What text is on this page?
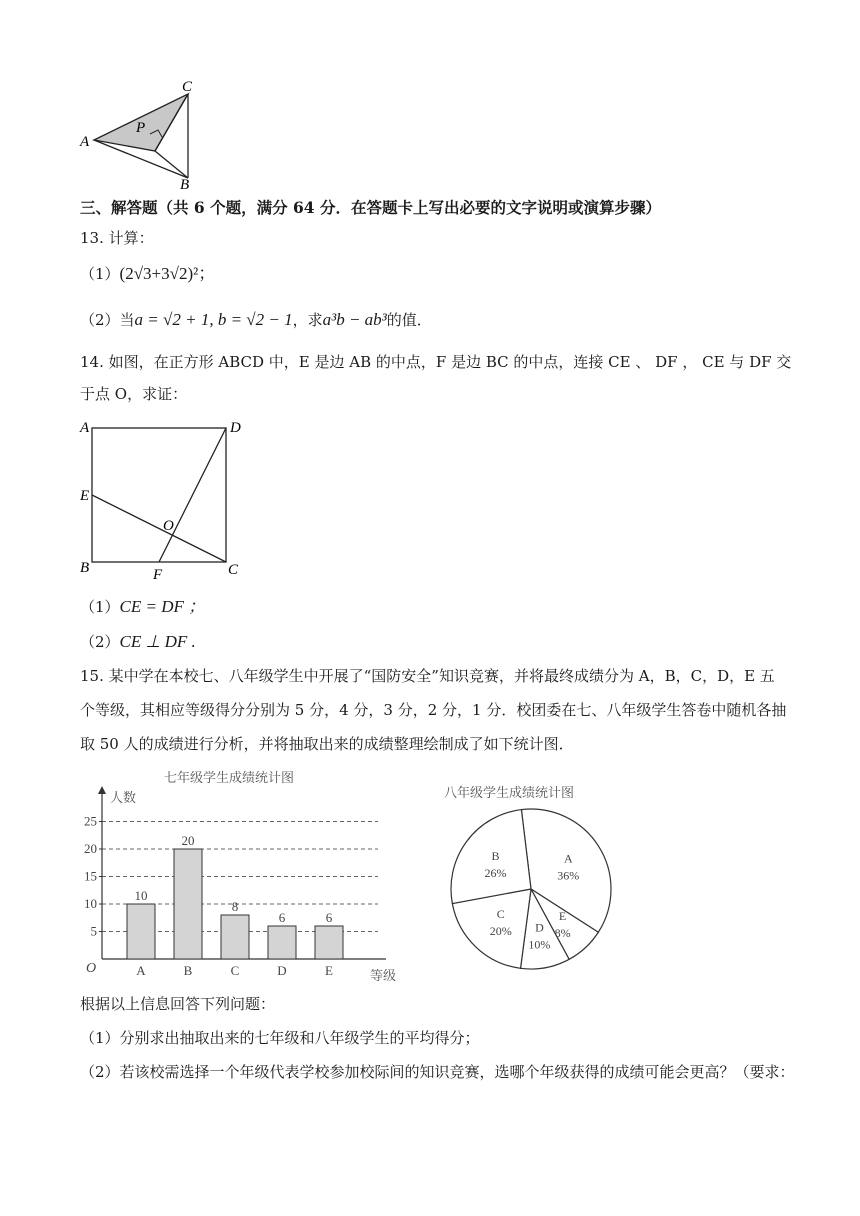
A
C
P
B
三、解答题（共 6 个题，满分 64 分．在答题卡上写出必要的文字说明或演算步骤）
13. 计算：
（1）(2√3+3√2)²；
（2）当a = √2 + 1, b = √2 − 1，求a³b − ab³的值．
14. 如图，在正方形 ABCD 中，E 是边 AB 的中点，F 是边 BC 的中点，连接 CE 、 DF ， CE 与 DF 交
于点 O，求证：
A	D
E
O
B	F	C
（1）CE = DF ；
（2）CE ⊥ DF .
15. 某中学在本校七、八年级学生中开展了“国防安全”知识竞赛，并将最终成绩分为 A，B，C，D，E 五
个等级，其相应等级得分分别为 5 分，4 分，3 分，2 分，1 分．校团委在七、八年级学生答卷中随机各抽
取 50 人的成绩进行分析，并将抽取出来的成绩整理绘制成了如下统计图．
七年级学生成绩统计图
人数
等级
O
5
10
15
20
25
10
A
20
B
8
C
6
D
6
E
八年级学生成绩统计图
A
36%
E
8%
D
10%
C
20%
B
26%
根据以上信息回答下列问题：
（1）分别求出抽取出来的七年级和八年级学生的平均得分；
（2）若该校需选择一个年级代表学校参加校际间的知识竞赛，选哪个年级获得的成绩可能会更高？（要求：
